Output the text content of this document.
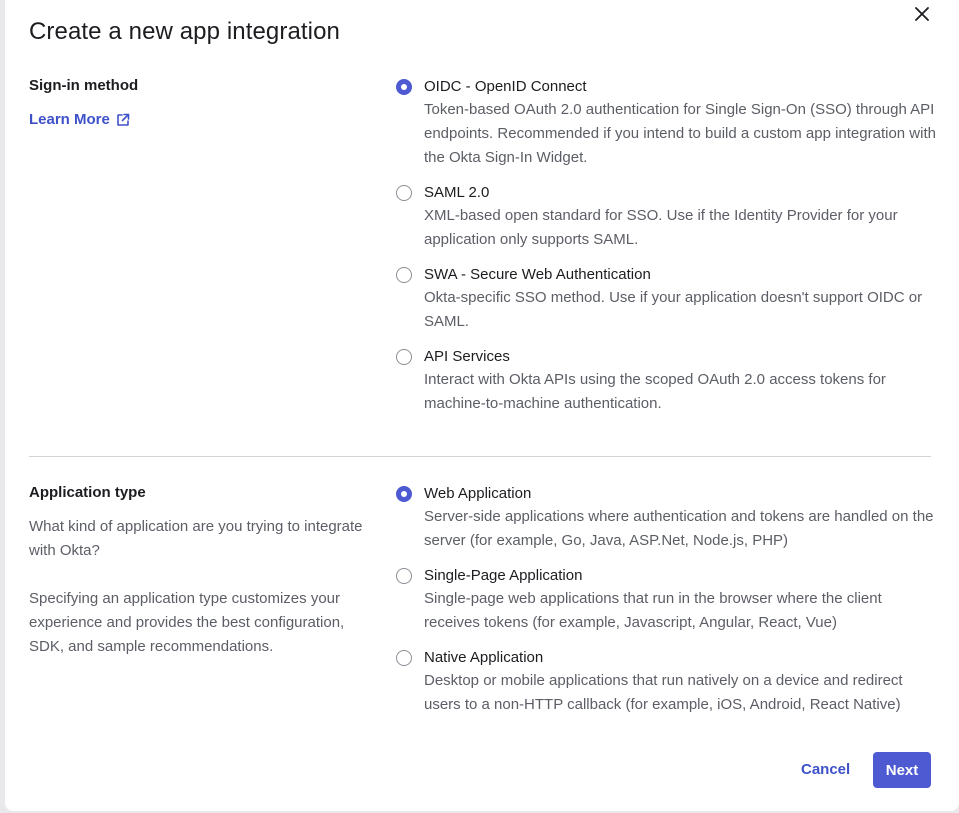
Create a new app integration
Sign-in method
Learn More
OIDC - OpenID Connect
Token-based OAuth 2.0 authentication for Single Sign-On (SSO) through API endpoints. Recommended if you intend to build a custom app integration with the Okta Sign-In Widget.
SAML 2.0
XML-based open standard for SSO. Use if the Identity Provider for your application only supports SAML.
SWA - Secure Web Authentication
Okta-specific SSO method. Use if your application doesn't support OIDC or SAML.
API Services
Interact with Okta APIs using the scoped OAuth 2.0 access tokens for machine-to-machine authentication.
Application type
What kind of application are you trying to integrate with Okta?
Specifying an application type customizes your experience and provides the best configuration, SDK, and sample recommendations.
Web Application
Server-side applications where authentication and tokens are handled on the server (for example, Go, Java, ASP.Net, Node.js, PHP)
Single-Page Application
Single-page web applications that run in the browser where the client receives tokens (for example, Javascript, Angular, React, Vue)
Native Application
Desktop or mobile applications that run natively on a device and redirect users to a non-HTTP callback (for example, iOS, Android, React Native)
Cancel	Next
